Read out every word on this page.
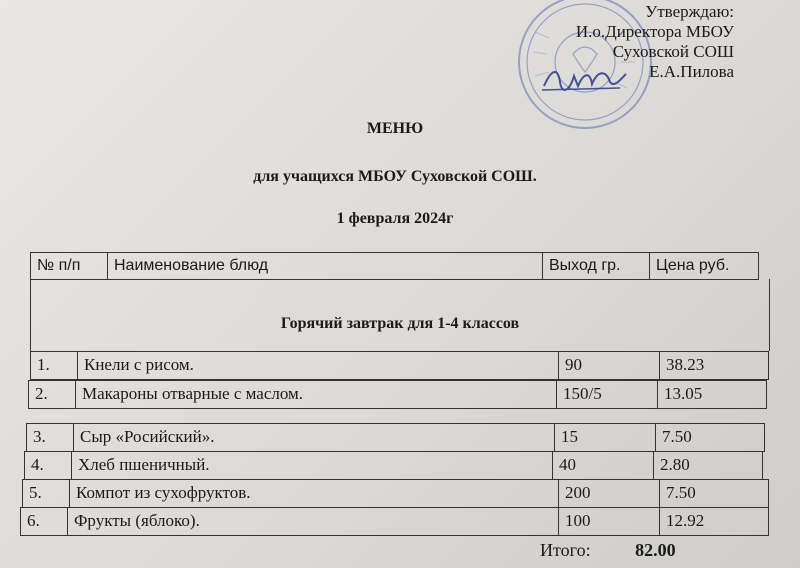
Утверждаю:
И.о.Директора МБОУ
Суховской СОШ
Е.А.Пилова
МЕНЮ
для учащихся МБОУ Суховской СОШ.
1 февраля 2024г
№ п/п	Наименование блюд	Выход гр.	Цена руб.
Горячий завтрак для 1-4 классов
1.	Кнели с рисом.	90	38.23
2.	Макароны отварные с маслом.	150/5	13.05
3.	Сыр «Росийский».	15	7.50
4.	Хлеб пшеничный.	40	2.80
5.	Компот из сухофруктов.	200	7.50
6.	Фрукты (яблоко).	100	12.92
Итого: 82.00
